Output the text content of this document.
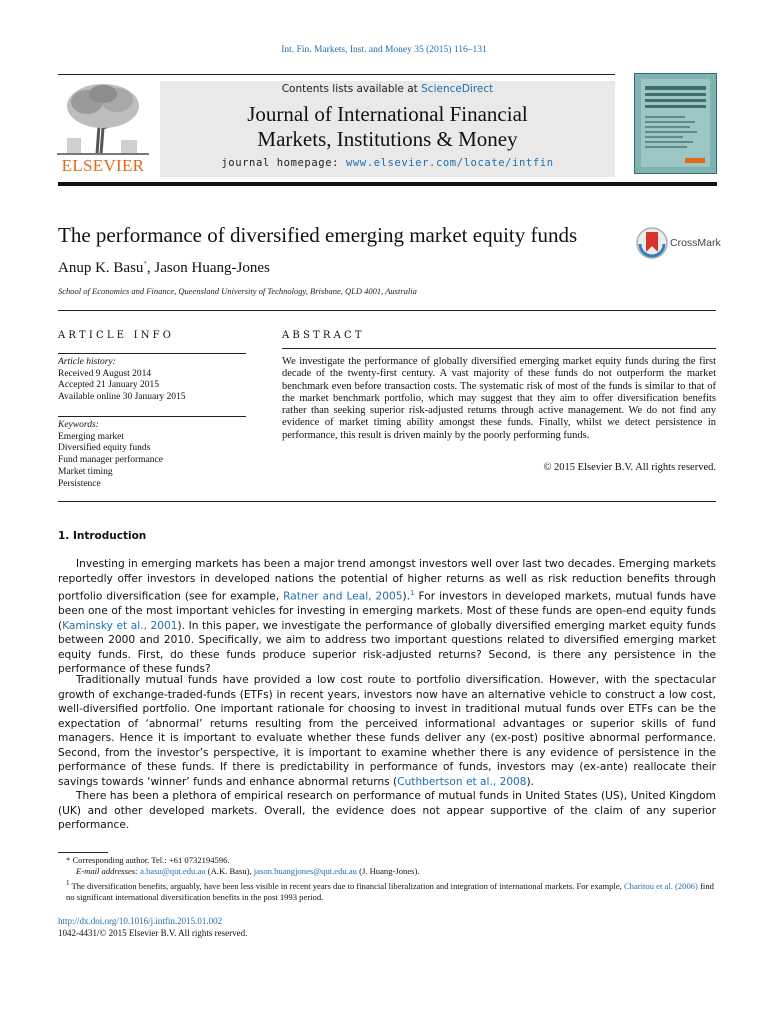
Int. Fin. Markets, Inst. and Money 35 (2015) 116–131
ELSEVIER
Contents lists available at ScienceDirect
Journal of International Financial
Markets, Institutions & Money
journal homepage: www.elsevier.com/locate/intfin
The performance of diversified emerging market equity funds	CrossMark
Anup K. Basu*, Jason Huang-Jones
School of Economics and Finance, Queensland University of Technology, Brisbane, QLD 4001, Australia
ARTICLE INFO
Article history:
Received 9 August 2014
Accepted 21 January 2015
Available online 30 January 2015
Keywords:
Emerging market
Diversified equity funds
Fund manager performance
Market timing
Persistence
ABSTRACT
We investigate the performance of globally diversified emerging market equity funds during the first decade of the twenty-first century. A vast majority of these funds do not outperform the market benchmark even before transaction costs. The systematic risk of most of the funds is similar to that of the market benchmark portfolio, which may suggest that they aim to offer diversification benefits rather than seeking superior risk-adjusted returns through active management. We do not find any evidence of market timing ability amongst these funds. Finally, whilst we detect persistence in performance, this result is driven mainly by the poorly performing funds.
© 2015 Elsevier B.V. All rights reserved.
1. Introduction
Investing in emerging markets has been a major trend amongst investors well over last two decades. Emerging markets reportedly offer investors in developed nations the potential of higher returns as well as risk reduction benefits through portfolio diversification (see for example, Ratner and Leal, 2005).$^1$ For investors in developed markets, mutual funds have been one of the most important vehicles for investing in emerging markets. Most of these funds are open-end equity funds (Kaminsky et al., 2001). In this paper, we investigate the performance of globally diversified emerging market equity funds between 2000 and 2010. Specifically, we aim to address two important questions related to diversified emerging market equity funds. First, do these funds produce superior risk-adjusted returns? Second, is there any persistence in the performance of these funds?
Traditionally mutual funds have provided a low cost route to portfolio diversification. However, with the spectacular growth of exchange-traded-funds (ETFs) in recent years, investors now have an alternative vehicle to construct a low cost, well-diversified portfolio. One important rationale for choosing to invest in traditional mutual funds over ETFs can be the expectation of ‘abnormal’ returns resulting from the perceived informational advantages or superior skills of fund managers. Hence it is important to evaluate whether these funds deliver any (ex-post) positive abnormal performance. Second, from the investor’s perspective, it is important to examine whether there is any evidence of persistence in the performance of these funds. If there is predictability in performance of funds, investors may (ex-ante) reallocate their savings towards ‘winner’ funds and enhance abnormal returns (Cuthbertson et al., 2008).
There has been a plethora of empirical research on performance of mutual funds in United States (US), United Kingdom (UK) and other developed markets. Overall, the evidence does not appear supportive of the claim of any superior performance.
* Corresponding author. Tel.: +61 0732194596.
E-mail addresses: a.basu@qut.edu.au (A.K. Basu), jason.huangjones@qut.edu.au (J. Huang-Jones).
$^1$ The diversification benefits, arguably, have been less visible in recent years due to financial liberalization and integration of international markets. For example, Charitou et al. (2006) find no significant international diversification benefits in the post 1993 period.
http://dx.doi.org/10.1016/j.intfin.2015.01.002
1042-4431/© 2015 Elsevier B.V. All rights reserved.
